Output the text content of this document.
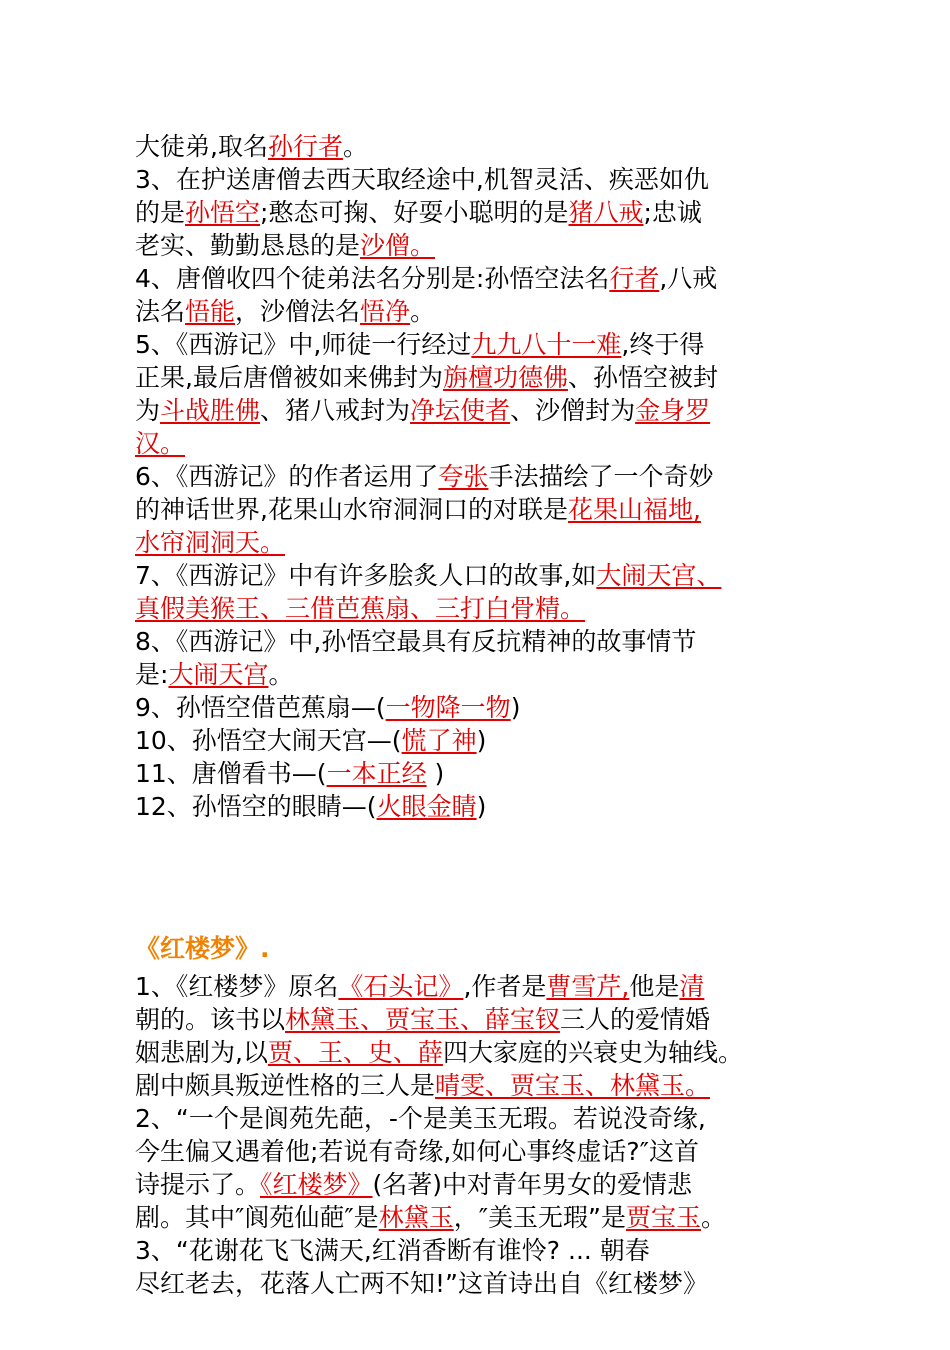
大徒弟,取名孙行者。
3、在护送唐僧去西天取经途中,机智灵活、疾恶如仇
的是孙悟空;憨态可掬、好耍小聪明的是猪八戒;忠诚
老实、勤勤恳恳的是沙僧。
4、唐僧收四个徒弟法名分别是:孙悟空法名行者,八戒
法名悟能，沙僧法名悟净。
5、《西游记》中,师徒一行经过九九八十一难,终于得
正果,最后唐僧被如来佛封为旃檀功德佛、孙悟空被封
为斗战胜佛、猪八戒封为净坛使者、沙僧封为金身罗
汉。
6、《西游记》的作者运用了夸张手法描绘了一个奇妙
的神话世界,花果山水帘洞洞口的对联是花果山福地,
水帘洞洞天。
7、《西游记》中有许多脍炙人口的故事,如大闹天宫、
真假美猴王、三借芭蕉扇、三打白骨精。
8、《西游记》中,孙悟空最具有反抗精神的故事情节
是:大闹天宫。
9、孙悟空借芭蕉扇—(一物降一物)
10、孙悟空大闹天宫—(慌了神)
11、唐僧看书—(一本正经 )
12、孙悟空的眼睛—(火眼金睛)
《红楼梦》.
1、《红楼梦》原名《石头记》,作者是曹雪芹,他是清
朝的。该书以林黛玉、贾宝玉、薛宝钗三人的爱情婚
姻悲剧为,以贾、王、史、薛四大家庭的兴衰史为轴线。
剧中颇具叛逆性格的三人是晴雯、贾宝玉、林黛玉。
2、“一个是阆苑先葩，-个是美玉无瑕。若说没奇缘,
今生偏又遇着他;若说有奇缘,如何心事终虚话?″这首
诗提示了。《红楼梦》(名著)中对青年男女的爱情悲
剧。其中″阆苑仙葩″是林黛玉，″美玉无瑕”是贾宝玉。
3、“花谢花飞飞满天,红消香断有谁怜? ... 朝春
尽红老去，花落人亡两不知!”这首诗出自《红楼梦》
